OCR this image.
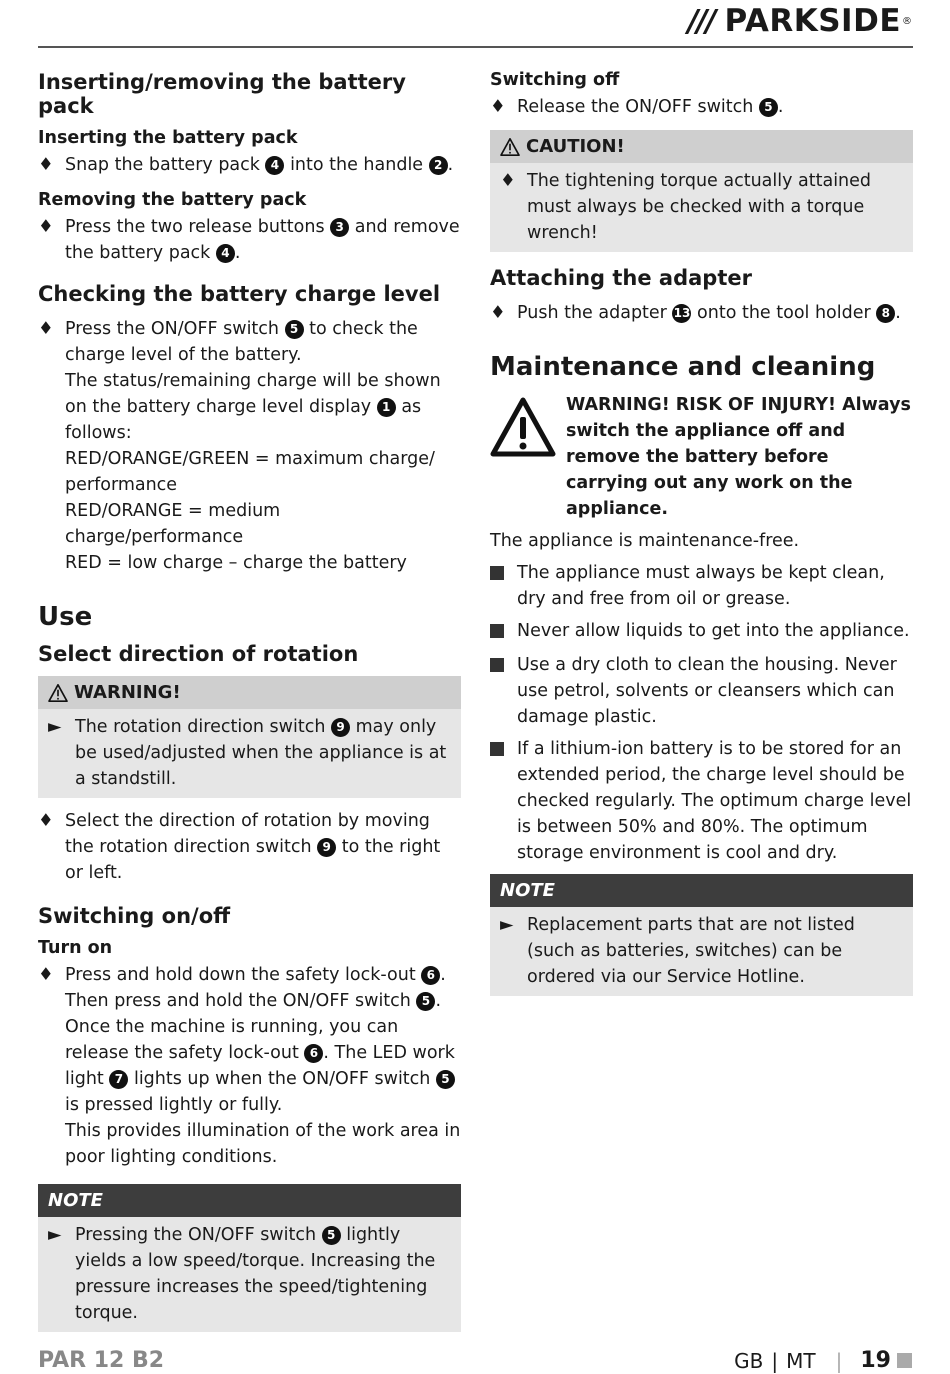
/// PARKSIDE ®
Inserting/removing the battery pack
Inserting the battery pack
♦ Snap the battery pack 4 into the handle 2 .
Removing the battery pack
♦ Press the two release buttons 3 and remove the battery pack 4 .
Checking the battery charge level
♦ Press the ON/OFF switch 5 to check the charge level of the battery.
The status/remaining charge will be shown on the battery charge level display 1 as follows:
RED/ORANGE/GREEN = maximum charge/ performance
RED/ORANGE = medium charge/performance
RED = low charge – charge the battery
Use
Select direction of rotation
WARNING!
► The rotation direction switch 9 may only be used/adjusted when the appliance is at a standstill.
♦ Select the direction of rotation by moving the rotation direction switch 9 to the right or left.
Switching on/off
Turn on
♦ Press and hold down the safety lock-out 6 . Then press and hold the ON/OFF switch 5 . Once the machine is running, you can release the safety lock-out 6 . The LED work light 7 lights up when the ON/OFF switch 5 is pressed lightly or fully.
This provides illumination of the work area in poor lighting conditions.
NOTE
► Pressing the ON/OFF switch 5 lightly yields a low speed/torque. Increasing the pressure increases the speed/tightening torque.
Switching off
♦ Release the ON/OFF switch 5 .
CAUTION!
♦ The tightening torque actually attained must always be checked with a torque wrench!
Attaching the adapter
♦ Push the adapter 13 onto the tool holder 8 .
Maintenance and cleaning
WARNING! RISK OF INJURY! Always switch the appliance off and remove the battery before carrying out any work on the appliance.
The appliance is maintenance-free.
The appliance must always be kept clean, dry and free from oil or grease.
Never allow liquids to get into the appliance.
Use a dry cloth to clean the housing. Never use petrol, solvents or cleansers which can damage plastic.
If a lithium-ion battery is to be stored for an extended period, the charge level should be checked regularly. The optimum charge level is between 50% and 80%. The optimum storage environment is cool and dry.
NOTE
► Replacement parts that are not listed (such as batteries, switches) can be ordered via our Service Hotline.
PAR 12 B2	GB | MT | 19
